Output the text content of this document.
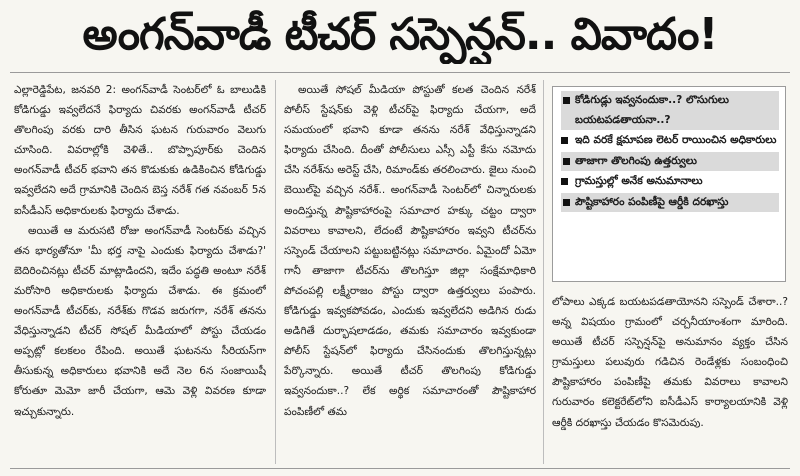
అంగన్‌వాడీ టీచర్ సస్పెన్షన్.. వివాదం!

ఎల్లారెడ్డిపేట, జనవరి 2: అంగన్‌వాడీ సెంటర్‌లో ఓ బాలుడికి కోడిగుడ్డు ఇవ్వలేదనే ఫిర్యాదు చివరకు అంగన్‌వాడీ టీచర్ తొలగింపు వరకు దారి తీసిన ఘటన గురువారం వెలుగు చూసింది. వివరాల్లోకి వెళితే.. బొప్పాపూర్‌కు చెందిన అంగన్‌వాడీ టీచర్ భవాని తన కొడుకుకు ఉడికించిన కోడిగుడ్డు ఇవ్వలేదని అదే గ్రామానికి చెందిన బెస్త నరేశ్ గత నవంబర్ 5న ఐసీడీఎస్ అధికారులకు ఫిర్యాదు చేశాడు.

అయితే ఆ మరుసటి రోజు అంగన్‌వాడీ సెంటర్‌కు వచ్చిన తన భార్యతోనూ 'మీ భర్త నాపై ఎందుకు ఫిర్యాదు చేశాడు?' బెదిరించినట్లు టీచర్ మాట్లాడిందని, ఇదేం పద్ధతి అంటూ నరేశ్ మరోసారి అధికారులకు ఫిర్యాదు చేశాడు. ఈ క్రమంలో అంగన్‌వాడీ టీచర్‌కు, నరేశ్‌కు గొడవ జరుగగా, నరేశ్ తనను వేధిస్తున్నాడని టీచర్ సోషల్ మీడియాలో పోస్టు చేయడం అప్పట్లో కలకలం రేపింది. అయితే ఘటనను సీరియస్‌గా తీసుకున్న అధికారులు భవానికి అదే నెల 6న సంజాయిషీ కోరుతూ మెమో జారీ చేయగా, ఆమె వెళ్లి వివరణ కూడా ఇచ్చుకున్నారు.

అయితే సోషల్ మీడియా పోస్టుతో కలత చెందిన నరేశ్ పోలీస్ స్టేషన్‌కు వెళ్లి టీచర్‌పై ఫిర్యాదు చేయగా, అదే సమయంలో భవాని కూడా తనను నరేశ్ వేధిస్తున్నాడని ఫిర్యాదు చేసింది. దీంతో పోలీసులు ఎస్సీ ఎస్టీ కేసు నమోదు చేసి నరేశ్‌ను అరెస్ట్ చేసి, రిమాండ్‌కు తరలించారు. జైలు నుంచి బెయిల్‌పై వచ్చిన నరేశ్.. అంగన్‌వాడీ సెంటర్‌లో చిన్నారులకు అందిస్తున్న పౌష్టికాహారంపై సమాచార హక్కు చట్టం ద్వారా వివరాలు కావాలని, లేదంటే పౌష్టికాహారం ఇవ్వని టీచర్‌ను సస్పెండ్ చేయాలని పట్టుబట్టినట్లు సమాచారం. ఏమైందో ఏమో గానీ తాజాగా టీచర్‌ను తొలగిస్తూ జిల్లా సంక్షేమాధికారి పోచంపల్లి లక్ష్మీరాజం పోస్టు ద్వారా ఉత్తర్వులు పంపారు. కోడిగుడ్డు ఇవ్వకపోవడం, ఎందుకు ఇవ్వలేదని అడిగిన రుడు అడిగితే దుర్భాషలాడడం, తమకు సమాచారం ఇవ్వకుండా పోలీస్ స్టేషన్‌లో ఫిర్యాదు చేసినందుకు తొలగిస్తున్నట్లు పేర్కొన్నారు. అయితే టీచర్ తొలగింపు కోడిగుడ్డు ఇవ్వనందుకా..? లేక అర్థిక సమాచారంతో పౌష్టికాహార పంపిణీలో తమ

కోడిగుడ్లు ఇవ్వనందుకా..? లొసుగులు బయటపడతాయనా..?
ఇది వరకే క్షమాపణ లెటర్ రాయించిన అధికారులు
తాజాగా తొలగింపు ఉత్తర్వులు
గ్రామస్తుల్లో అనేక అనుమానాలు
పౌష్టికాహారం పంపిణీపై ఆర్డీకి దరఖాస్తు

లోపాలు ఎక్కడ బయటపడతాయోనని సస్పెండ్ చేశారా..? అన్న విషయం గ్రామంలో చర్చనీయాంశంగా మారింది. అయితే టీచర్ సస్పెన్షన్‌పై అనుమానం వ్యక్తం చేసిన గ్రామస్తులు పలువురు గడిచిన రెండేళ్లకు సంబంధించి పౌష్టికాహారం పంపిణీపై తమకు వివరాలు కావాలని గురువారం కలెక్టరేట్‌లోని ఐసీడీఎస్ కార్యాలయానికి వెళ్లి ఆర్డీకి దరఖాస్తు చేయడం కొసమెరుపు.
